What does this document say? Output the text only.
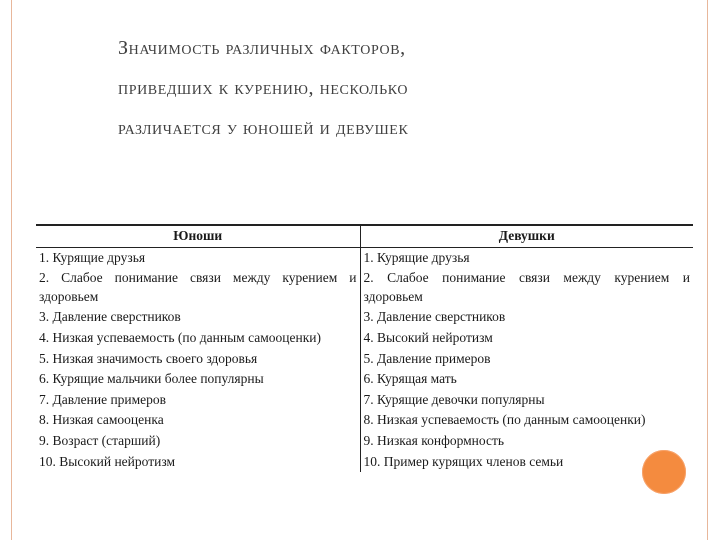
Значимость различных факторов,
приведших к курению, несколько
различается у юношей и девушек
Юноши	Девушки
1. Курящие друзья	1. Курящие друзья
2. Слабое понимание связи между курением и здоровьем	2. Слабое понимание связи между курением и здоровьем
3. Давление сверстников	3. Давление сверстников
4. Низкая успеваемость (по данным самооценки)	4. Высокий нейротизм
5. Низкая значимость своего здоровья	5. Давление примеров
6. Курящие мальчики более популярны	6. Курящая мать
7. Давление примеров	7. Курящие девочки популярны
8. Низкая самооценка	8. Низкая успеваемость (по данным самооценки)
9. Возраст (старший)	9. Низкая конформность
10. Высокий нейротизм	10. Пример курящих членов семьи
